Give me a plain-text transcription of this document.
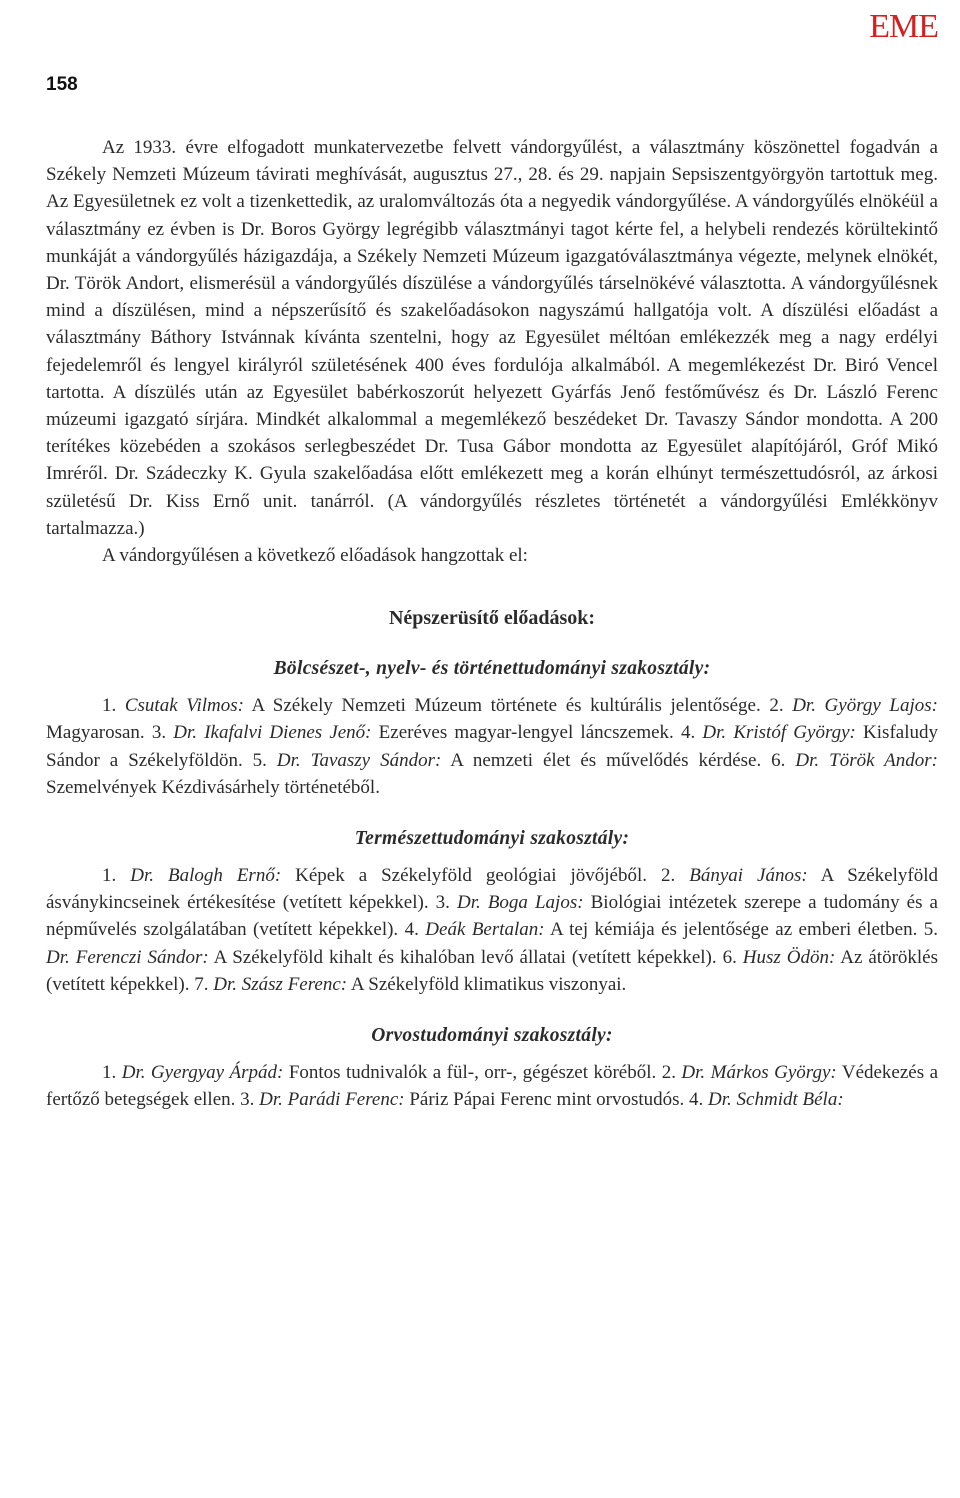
EME
158

Az 1933. évre elfogadott munkatervezetbe felvett vándorgyűlést, a választmány köszönettel fogadván a Székely Nemzeti Múzeum távirati meghívását, augusztus 27., 28. és 29. napjain Sepsiszentgyörgyön tartottuk meg. Az Egyesületnek ez volt a tizenkettedik, az uralomváltozás óta a negyedik vándorgyűlése. A vándorgyűlés elnökéül a választmány ez évben is Dr. Boros György legrégibb választmányi tagot kérte fel, a helybeli rendezés körültekintő munkáját a vándorgyűlés házigazdája, a Székely Nemzeti Múzeum igazgatóválasztmánya végezte, melynek elnökét, Dr. Török Andort, elismerésül a vándorgyűlés díszülése a vándorgyűlés társelnökévé választotta. A vándorgyűlésnek mind a díszülésen, mind a népszerűsítő és szakelőadásokon nagyszámú hallgatója volt. A díszülési előadást a választmány Báthory Istvánnak kívánta szentelni, hogy az Egyesület méltóan emlékezzék meg a nagy erdélyi fejedelemről és lengyel királyról születésének 400 éves fordulója alkalmából. A megemlékezést Dr. Biró Vencel tartotta. A díszülés után az Egyesület babérkoszorút helyezett Gyárfás Jenő festőművész és Dr. László Ferenc múzeumi igazgató sírjára. Mindkét alkalommal a megemlékező beszédeket Dr. Tavaszy Sándor mondotta. A 200 terítékes közebéden a szokásos serlegbeszédet Dr. Tusa Gábor mondotta az Egyesület alapítójáról, Gróf Mikó Imréről. Dr. Szádeczky K. Gyula szakelőadása előtt emlékezett meg a korán elhúnyt természettudósról, az árkosi születésű Dr. Kiss Ernő unit. tanárról. (A vándorgyűlés részletes történetét a vándorgyűlési Emlékkönyv tartalmazza.)

A vándorgyűlésen a következő előadások hangzottak el:

Népszerüsítő előadások:
Bölcsészet-, nyelv- és történettudományi szakosztály:

1. Csutak Vilmos: A Székely Nemzeti Múzeum története és kultúrális jelentősége. 2. Dr. György Lajos: Magyarosan. 3. Dr. Ikafalvi Dienes Jenő: Ezeréves magyar-lengyel láncszemek. 4. Dr. Kristóf György: Kisfaludy Sándor a Székelyföldön. 5. Dr. Tavaszy Sándor: A nemzeti élet és művelődés kérdése. 6. Dr. Török Andor: Szemelvények Kézdivásárhely történetéből.

Természettudományi szakosztály:

1. Dr. Balogh Ernő: Képek a Székelyföld geológiai jövőjéből. 2. Bányai János: A Székelyföld ásványkincseinek értékesítése (vetített képekkel). 3. Dr. Boga Lajos: Biológiai intézetek szerepe a tudomány és a népművelés szolgálatában (vetített képekkel). 4. Deák Bertalan: A tej kémiája és jelentősége az emberi életben. 5. Dr. Ferenczi Sándor: A Székelyföld kihalt és kihalóban levő állatai (vetített képekkel). 6. Husz Ödön: Az átöröklés (vetített képekkel). 7. Dr. Szász Ferenc: A Székelyföld klimatikus viszonyai.

Orvostudományi szakosztály:

1. Dr. Gyergyay Árpád: Fontos tudnivalók a fül-, orr-, gégészet köréből. 2. Dr. Márkos György: Védekezés a fertőző betegségek ellen. 3. Dr. Parádi Ferenc: Páriz Pápai Ferenc mint orvostudós. 4. Dr. Schmidt Béla:
